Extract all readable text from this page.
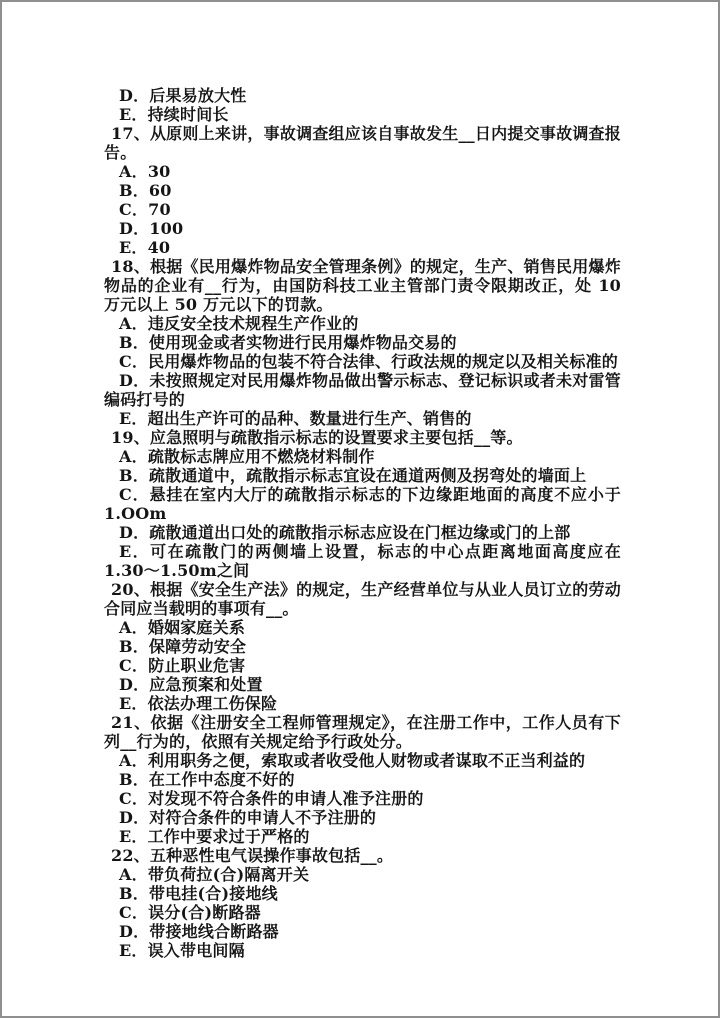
D．后果易放大性
E．持续时间长
17、从原则上来讲，事故调查组应该自事故发生__日内提交事故调查报告。
A．30
B．60
C．70
D．100
E．40
18、根据《民用爆炸物品安全管理条例》的规定，生产、销售民用爆炸物品的企业有__行为，由国防科技工业主管部门责令限期改正，处 10 万元以上 50 万元以下的罚款。
A．违反安全技术规程生产作业的
B．使用现金或者实物进行民用爆炸物品交易的
C．民用爆炸物品的包装不符合法律、行政法规的规定以及相关标准的
D．未按照规定对民用爆炸物品做出警示标志、登记标识或者未对雷管编码打号的
E．超出生产许可的品种、数量进行生产、销售的
19、应急照明与疏散指示标志的设置要求主要包括__等。
A．疏散标志牌应用不燃烧材料制作
B．疏散通道中，疏散指示标志宜设在通道两侧及拐弯处的墙面上
C．悬挂在室内大厅的疏散指示标志的下边缘距地面的高度不应小于 1.OOm
D．疏散通道出口处的疏散指示标志应设在门框边缘或门的上部
E．可在疏散门的两侧墙上设置，标志的中心点距离地面高度应在 1.30～1.50m之间
20、根据《安全生产法》的规定，生产经营单位与从业人员订立的劳动合同应当载明的事项有__。
A．婚姻家庭关系
B．保障劳动安全
C．防止职业危害
D．应急预案和处置
E．依法办理工伤保险
21、依据《注册安全工程师管理规定》，在注册工作中，工作人员有下列__行为的，依照有关规定给予行政处分。
A．利用职务之便，索取或者收受他人财物或者谋取不正当利益的
B．在工作中态度不好的
C．对发现不符合条件的申请人准予注册的
D．对符合条件的申请人不予注册的
E．工作中要求过于严格的
22、五种恶性电气误操作事故包括__。
A．带负荷拉(合)隔离开关
B．带电挂(合)接地线
C．误分(合)断路器
D．带接地线合断路器
E．误入带电间隔
